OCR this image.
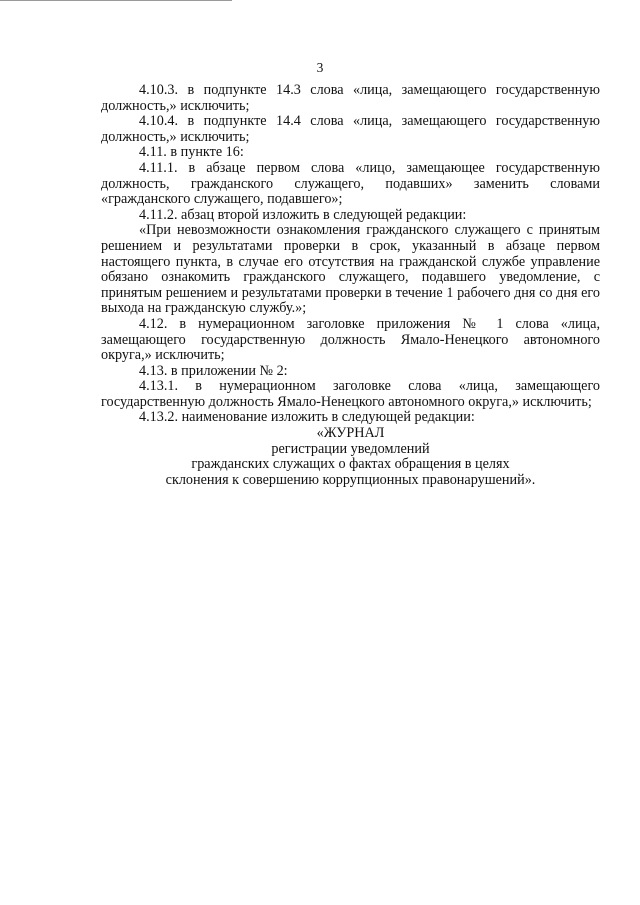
3

4.10.3. в подпункте 14.3 слова «лица, замещающего государственную должность,» исключить;

4.10.4. в подпункте 14.4 слова «лица, замещающего государственную должность,» исключить;

4.11. в пункте 16:

4.11.1. в абзаце первом слова «лицо, замещающее государственную должность, гражданского служащего, подавших» заменить словами «гражданского служащего, подавшего»;

4.11.2. абзац второй изложить в следующей редакции:

«При невозможности ознакомления гражданского служащего с принятым решением и результатами проверки в срок, указанный в абзаце первом настоящего пункта, в случае его отсутствия на гражданской службе управление обязано ознакомить гражданского служащего, подавшего уведомление, с принятым решением и результатами проверки в течение 1 рабочего дня со дня его выхода на гражданскую службу.»;

4.12. в нумерационном заголовке приложения № 1 слова «лица, замещающего государственную должность Ямало-Ненецкого автономного округа,» исключить;

4.13. в приложении № 2:

4.13.1. в нумерационном заголовке слова «лица, замещающего государственную должность Ямало-Ненецкого автономного округа,» исключить;

4.13.2. наименование изложить в следующей редакции:

«ЖУРНАЛ

регистрации уведомлений

гражданских служащих о фактах обращения в целях

склонения к совершению коррупционных правонарушений».
